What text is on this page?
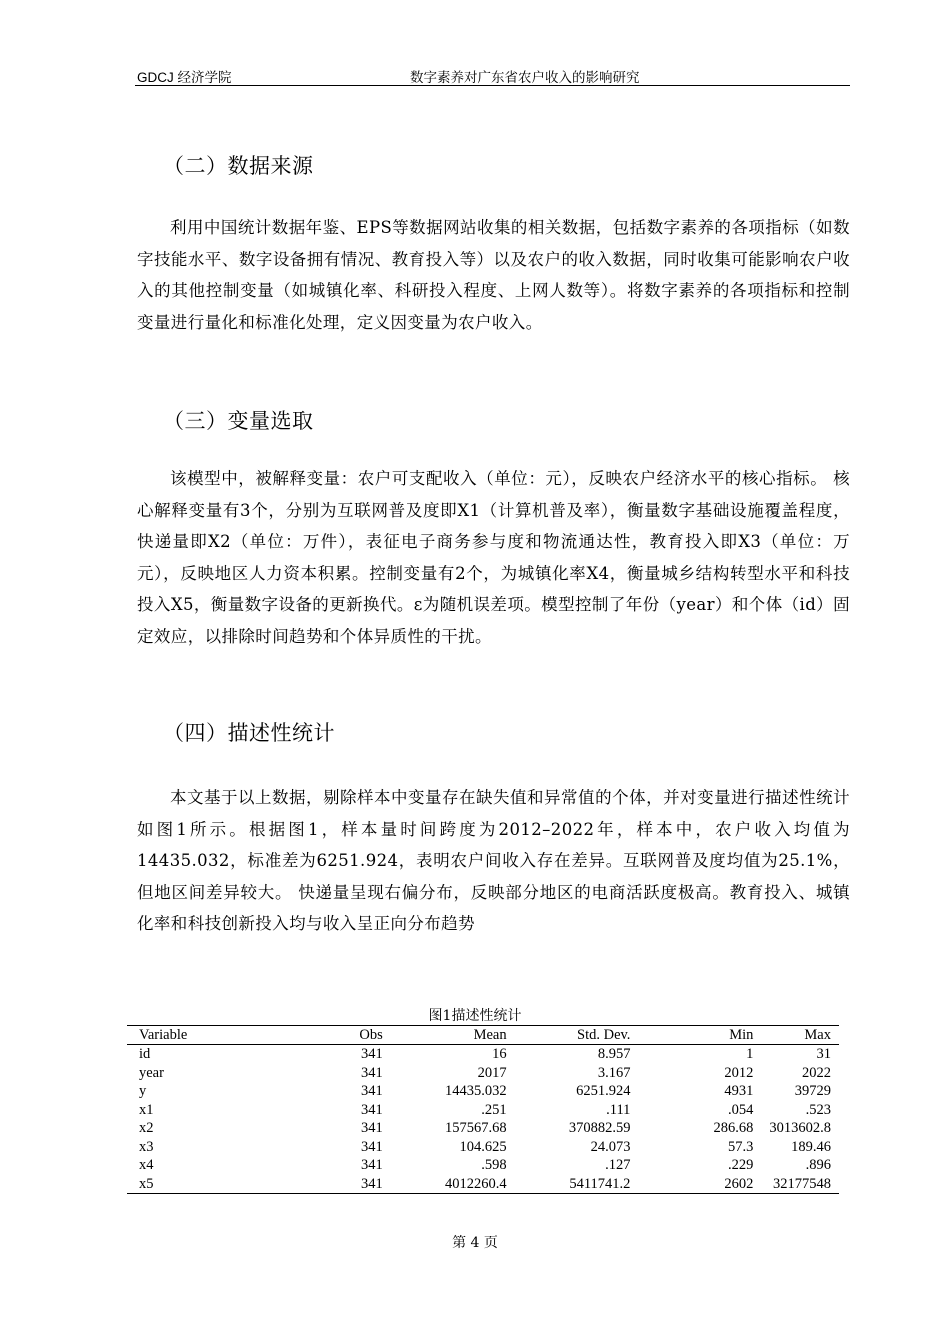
GDCJ 经济学院	数字素养对广东省农户收入的影响研究
（二）数据来源

利用中国统计数据年鉴、EPS等数据网站收集的相关数据，包括数字素养的各项指标（如数字技能水平、数字设备拥有情况、教育投入等）以及农户的收入数据，同时收集可能影响农户收入的其他控制变量（如城镇化率、科研投入程度、上网人数等）。将数字素养的各项指标和控制变量进行量化和标准化处理，定义因变量为农户收入。

（三）变量选取

该模型中，被解释变量：农户可支配收入（单位：元），反映农户经济水平的核心指标。 核心解释变量有3个，分别为互联网普及度即X1（计算机普及率），衡量数字基础设施覆盖程度，快递量即X2（单位：万件），表征电子商务参与度和物流通达性，教育投入即X3（单位：万元），反映地区人力资本积累。控制变量有2个，为城镇化率X4，衡量城乡结构转型水平和科技投入X5，衡量数字设备的更新换代。ε为随机误差项。模型控制了年份（year）和个体（id）固定效应，以排除时间趋势和个体异质性的干扰。

（四）描述性统计

本文基于以上数据，剔除样本中变量存在缺失值和异常值的个体，并对变量进行描述性统计如图1所示。根据图1，样本量时间跨度为2012–2022年，样本中，农户收入均值为14435.032，标准差为6251.924，表明农户间收入存在差异。互联网普及度均值为25.1%，但地区间差异较大。 快递量呈现右偏分布，反映部分地区的电商活跃度极高。教育投入、城镇化率和科技创新投入均与收入呈正向分布趋势

图1描述性统计
Variable	Obs	Mean	Std. Dev.	Min	Max
id	341	16	8.957	1	31
year	341	2017	3.167	2012	2022
y	341	14435.032	6251.924	4931	39729
x1	341	.251	.111	.054	.523
x2	341	157567.68	370882.59	286.68	3013602.8
x3	341	104.625	24.073	57.3	189.46
x4	341	.598	.127	.229	.896
x5	341	4012260.4	5411741.2	2602	32177548
第 4 页
